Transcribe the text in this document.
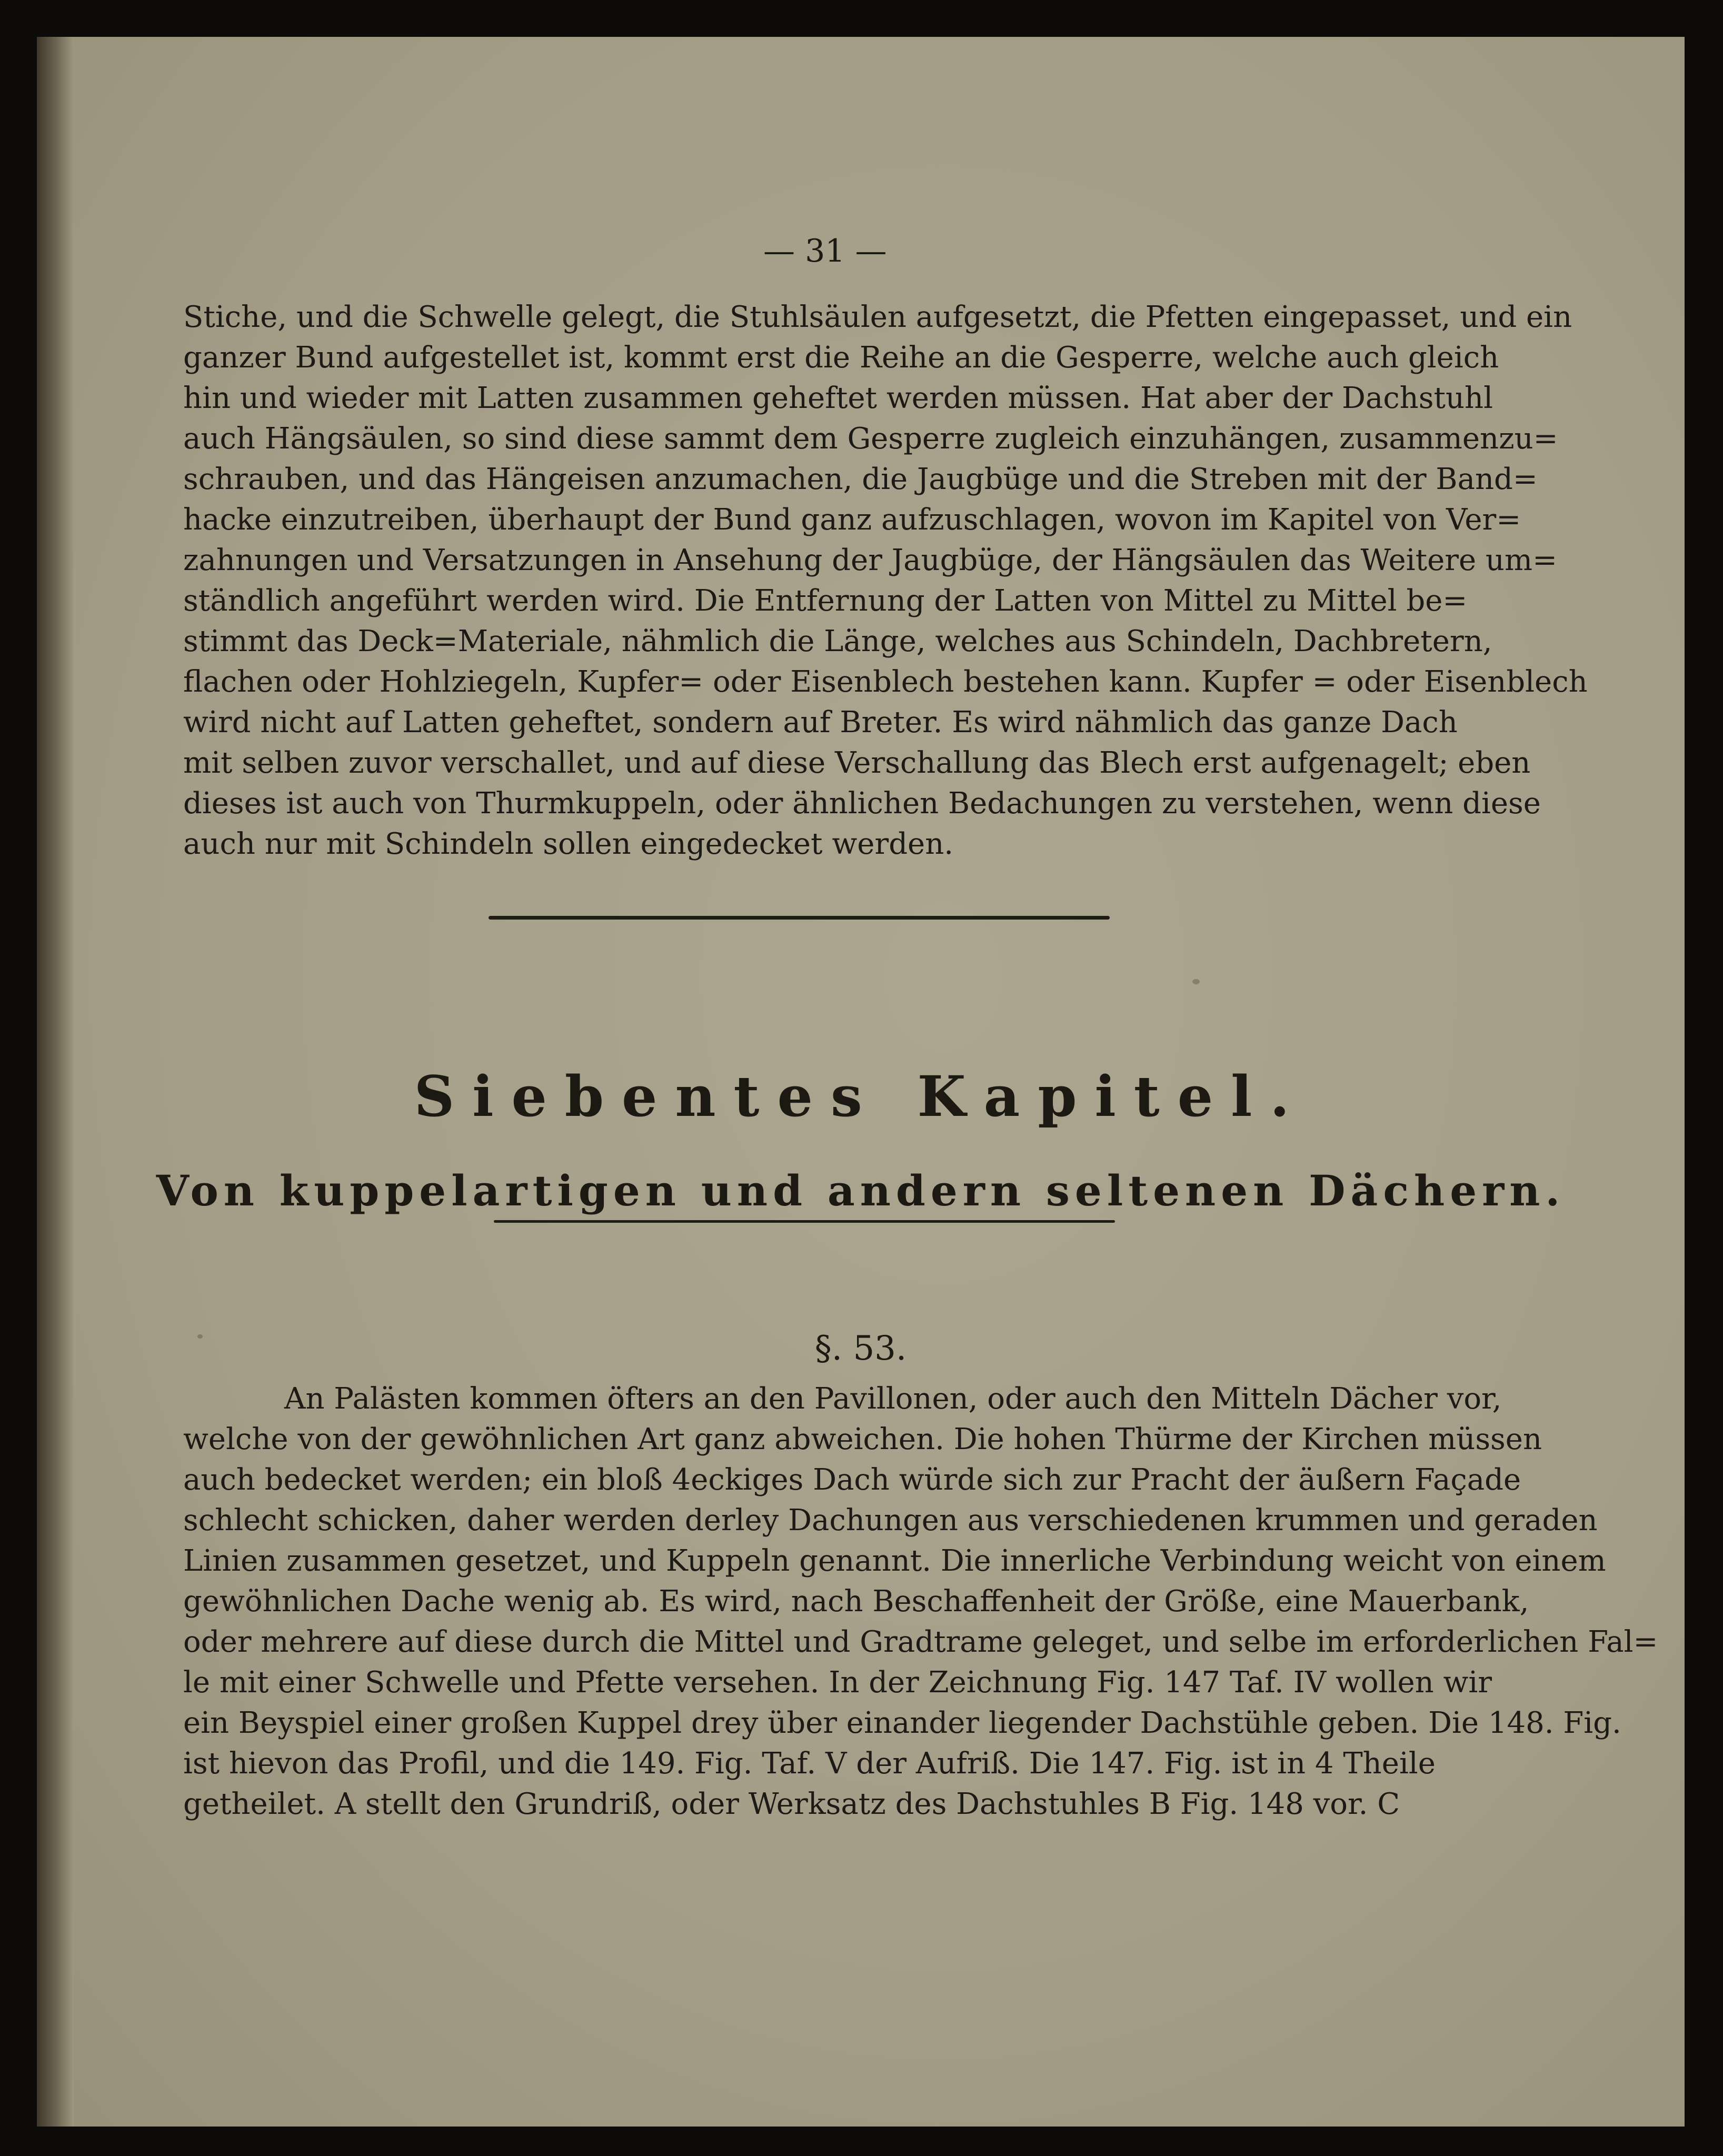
— 31 —
Stiche, und die Schwelle gelegt, die Stuhlsäulen aufgesetzt, die Pfetten eingepasset, und ein
ganzer Bund aufgestellet ist, kommt erst die Reihe an die Gesperre, welche auch gleich
hin und wieder mit Latten zusammen geheftet werden müssen. Hat aber der Dachstuhl
auch Hängsäulen, so sind diese sammt dem Gesperre zugleich einzuhängen, zusammenzu=
schrauben, und das Hängeisen anzumachen, die Jaugbüge und die Streben mit der Band=
hacke einzutreiben, überhaupt der Bund ganz aufzuschlagen, wovon im Kapitel von Ver=
zahnungen und Versatzungen in Ansehung der Jaugbüge, der Hängsäulen das Weitere um=
ständlich angeführt werden wird. Die Entfernung der Latten von Mittel zu Mittel be=
stimmt das Deck=Materiale, nähmlich die Länge, welches aus Schindeln, Dachbretern,
flachen oder Hohlziegeln, Kupfer= oder Eisenblech bestehen kann. Kupfer = oder Eisenblech
wird nicht auf Latten geheftet, sondern auf Breter. Es wird nähmlich das ganze Dach
mit selben zuvor verschallet, und auf diese Verschallung das Blech erst aufgenagelt; eben
dieses ist auch von Thurmkuppeln, oder ähnlichen Bedachungen zu verstehen, wenn diese
auch nur mit Schindeln sollen eingedecket werden.
Siebentes Kapitel.
Von kuppelartigen und andern seltenen Dächern.
§. 53.
An Palästen kommen öfters an den Pavillonen, oder auch den Mitteln Dächer vor,
welche von der gewöhnlichen Art ganz abweichen. Die hohen Thürme der Kirchen müssen
auch bedecket werden; ein bloß 4eckiges Dach würde sich zur Pracht der äußern Façade
schlecht schicken, daher werden derley Dachungen aus verschiedenen krummen und geraden
Linien zusammen gesetzet, und Kuppeln genannt. Die innerliche Verbindung weicht von einem
gewöhnlichen Dache wenig ab. Es wird, nach Beschaffenheit der Größe, eine Mauerbank,
oder mehrere auf diese durch die Mittel und Gradtrame geleget, und selbe im erforderlichen Fal=
le mit einer Schwelle und Pfette versehen. In der Zeichnung Fig. 147 Taf. IV wollen wir
ein Beyspiel einer großen Kuppel drey über einander liegender Dachstühle geben. Die 148. Fig.
ist hievon das Profil, und die 149. Fig. Taf. V der Aufriß. Die 147. Fig. ist in 4 Theile
getheilet. A stellt den Grundriß, oder Werksatz des Dachstuhles B Fig. 148 vor. C
